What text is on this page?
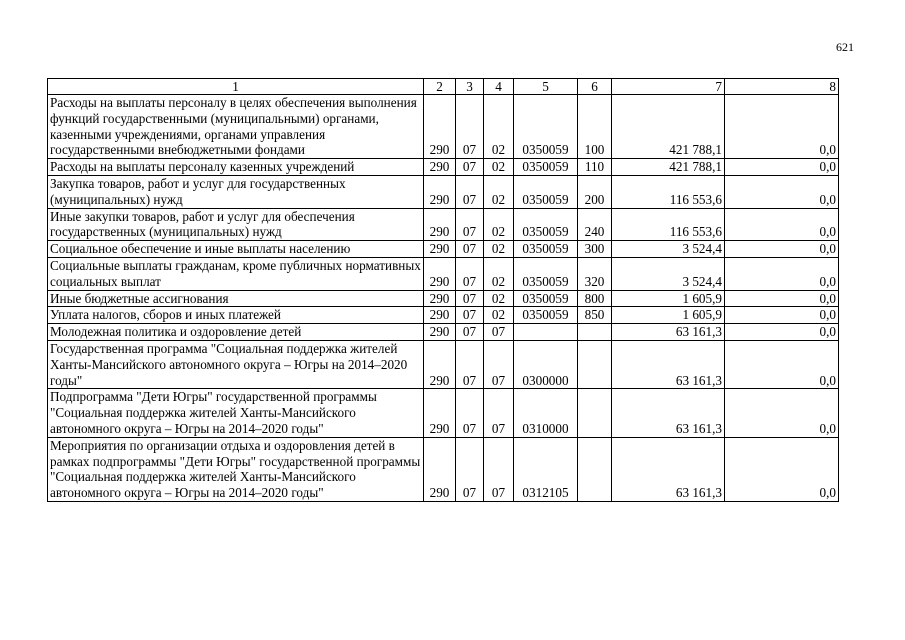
621
1	2	3	4	5	6	7	8
Расходы на выплаты персоналу в целях обеспечения выполнения функций государственными (муниципальными) органами, казенными учреждениями, органами управления государственными внебюджетными фондами	290	07	02	0350059	100	421 788,1	0,0
Расходы на выплаты персоналу казенных учреждений	290	07	02	0350059	110	421 788,1	0,0
Закупка товаров, работ и услуг для государственных (муниципальных) нужд	290	07	02	0350059	200	116 553,6	0,0
Иные закупки товаров, работ и услуг для обеспечения государственных (муниципальных) нужд	290	07	02	0350059	240	116 553,6	0,0
Социальное обеспечение и иные выплаты населению	290	07	02	0350059	300	3 524,4	0,0
Социальные выплаты гражданам, кроме публичных нормативных социальных выплат	290	07	02	0350059	320	3 524,4	0,0
Иные бюджетные ассигнования	290	07	02	0350059	800	1 605,9	0,0
Уплата налогов, сборов и иных платежей	290	07	02	0350059	850	1 605,9	0,0
Молодежная политика и оздоровление детей	290	07	07			63 161,3	0,0
Государственная программа "Социальная поддержка жителей Ханты-Мансийского автономного округа – Югры на 2014–2020 годы"	290	07	07	0300000		63 161,3	0,0
Подпрограмма "Дети Югры" государственной программы "Социальная поддержка жителей Ханты-Мансийского автономного округа – Югры на 2014–2020 годы"	290	07	07	0310000		63 161,3	0,0
Мероприятия по организации отдыха и оздоровления детей в рамках подпрограммы "Дети Югры" государственной программы "Социальная поддержка жителей Ханты-Мансийского автономного округа – Югры на 2014–2020 годы"	290	07	07	0312105		63 161,3	0,0
